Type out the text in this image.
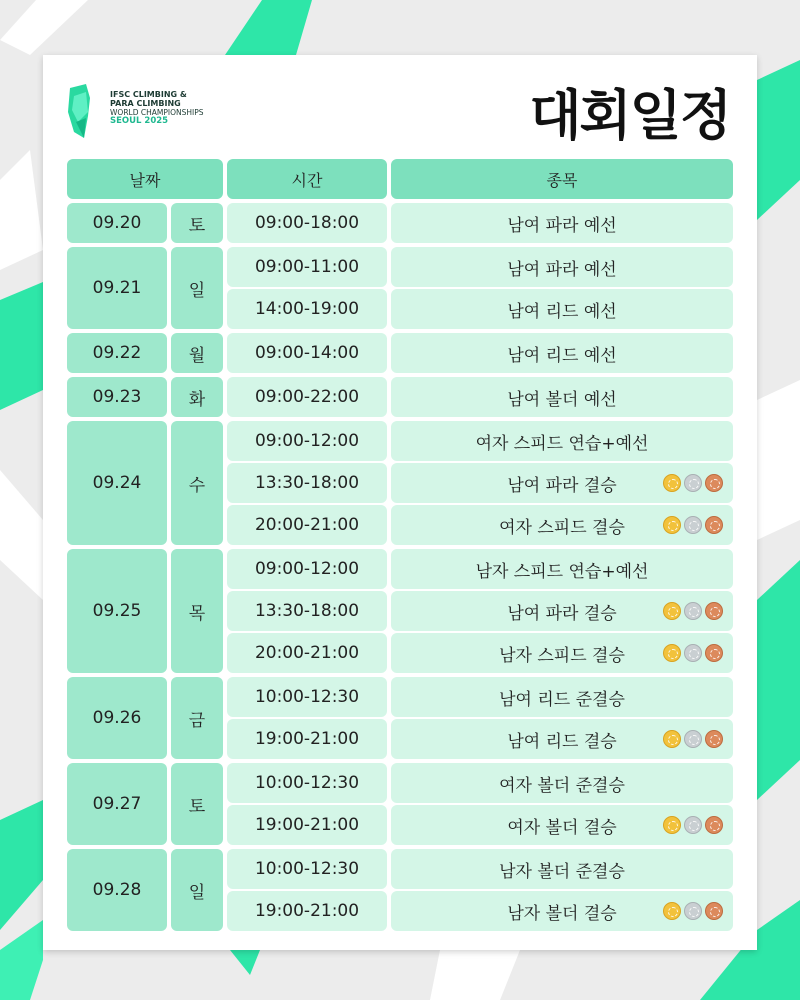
IFSC CLIMBING &
PARA CLIMBING
WORLD CHAMPIONSHIPS
SEOUL 2025	대회일정
날짜	시간	종목
09.20	토	09:00-18:00	남여 파라 예선
09.21	일
09:00-11:00	남여 파라 예선
14:00-19:00	남여 리드 예선
09.22	월	09:00-14:00	남여 리드 예선
09.23	화	09:00-22:00	남여 볼더 예선
09.24	수
09:00-12:00	여자 스피드 연습+예선
13:30-18:00	남여 파라 결승
20:00-21:00	여자 스피드 결승
09.25	목
09:00-12:00	남자 스피드 연습+예선
13:30-18:00	남여 파라 결승
20:00-21:00	남자 스피드 결승
09.26	금
10:00-12:30	남여 리드 준결승
19:00-21:00	남여 리드 결승
09.27	토
10:00-12:30	여자 볼더 준결승
19:00-21:00	여자 볼더 결승
09.28	일
10:00-12:30	남자 볼더 준결승
19:00-21:00	남자 볼더 결승
